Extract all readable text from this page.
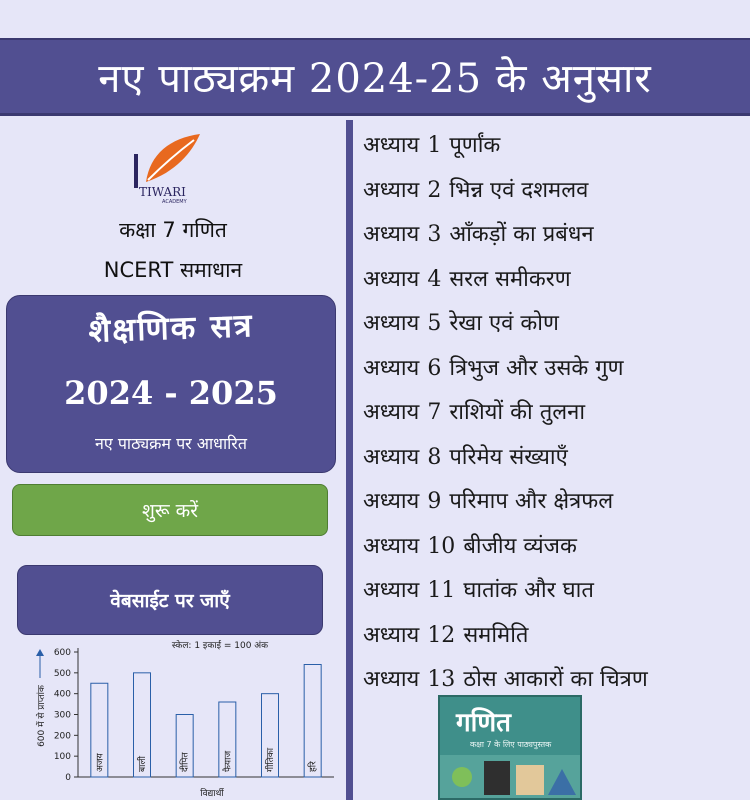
नए पाठ्यक्रम 2024-25 के अनुसार
TIWARI
ACADEMY
कक्षा 7 गणित
NCERT समाधान
शैक्षणिक सत्र
2024 - 2025
नए पाठ्यक्रम पर आधारित
शुरू करें
वेबसाईट पर जाएँ
स्केल: 1 इकाई = 100 अंक
0
100
200
300
400
500
600
600 में से प्राप्तांक
अजय	बाली	दीपित	फैयाज	गीतिका	हरि
विद्यार्थी
अध्याय 1 पूर्णांक
अध्याय 2 भिन्न एवं दशमलव
अध्याय 3 आँकड़ों का प्रबंधन
अध्याय 4 सरल समीकरण
अध्याय 5 रेखा एवं कोण
अध्याय 6 त्रिभुज और उसके गुण
अध्याय 7 राशियों की तुलना
अध्याय 8 परिमेय संख्याएँ
अध्याय 9 परिमाप और क्षेत्रफल
अध्याय 10 बीजीय व्यंजक
अध्याय 11 घातांक और घात
अध्याय 12 सममिति
अध्याय 13 ठोस आकारों का चित्रण
गणित
कक्षा 7 के लिए पाठ्यपुस्तक
